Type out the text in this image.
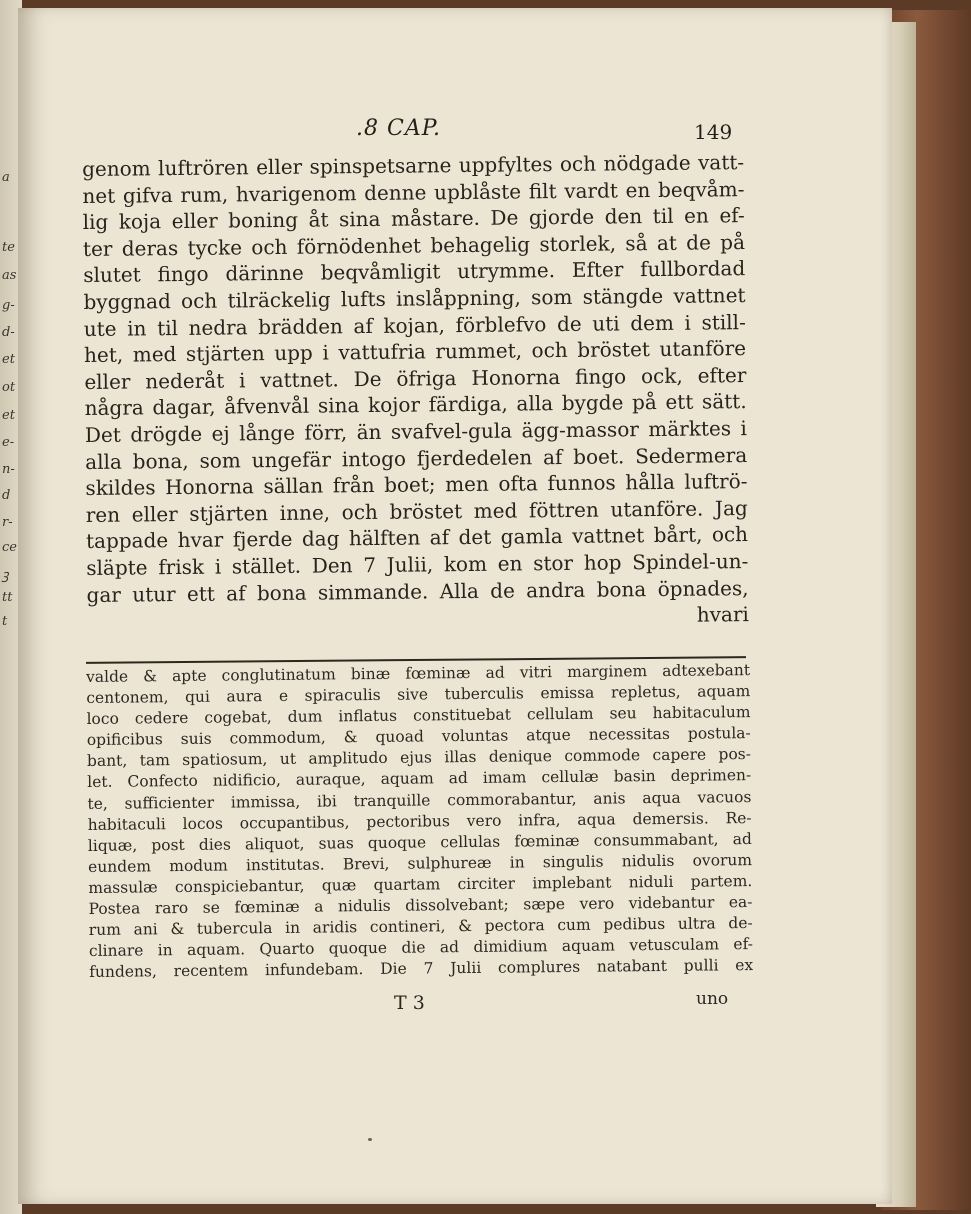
a
te
as
g-
d-
et
ot
et
e-
n-
d
r-
ce
ꝫ
tt
t
.8 CAP.	149
genom luftrören eller spinspetsarne uppfyltes och nödgade vatt-
net gifva rum, hvarigenom denne upblåste filt vardt en beqvåm-
lig koja eller boning åt sina måstare. De gjorde den til en ef-
ter deras tycke och förnödenhet behagelig storlek, så at de på
slutet fingo därinne beqvåmligit utrymme. Efter fullbordad
byggnad och tilräckelig lufts inslåppning, som stängde vattnet
ute in til nedra brädden af kojan, förblefvo de uti dem i still-
het, med stjärten upp i vattufria rummet, och bröstet utanföre
eller nederåt i vattnet. De öfriga Honorna fingo ock, efter
några dagar, åfvenvål sina kojor färdiga, alla bygde på ett sätt.
Det drögde ej långe förr, än svafvel-gula ägg-massor märktes i
alla bona, som ungefär intogo fjerdedelen af boet. Sedermera
skildes Honorna sällan från boet; men ofta funnos hålla luftrö-
ren eller stjärten inne, och bröstet med föttren utanföre. Jag
tappade hvar fjerde dag hälften af det gamla vattnet bårt, och
släpte frisk i stället. Den 7 Julii, kom en stor hop Spindel-un-
gar utur ett af bona simmande. Alla de andra bona öpnades,
hvari
valde & apte conglutinatum binæ fœminæ ad vitri marginem adtexebant
centonem, qui aura e spiraculis sive tuberculis emissa repletus, aquam
loco cedere cogebat, dum inflatus constituebat cellulam seu habitaculum
opificibus suis commodum, & quoad voluntas atque necessitas postula-
bant, tam spatiosum, ut amplitudo ejus illas denique commode capere pos-
let. Confecto nidificio, auraque, aquam ad imam cellulæ basin deprimen-
te, sufficienter immissa, ibi tranquille commorabantur, anis aqua vacuos
habitaculi locos occupantibus, pectoribus vero infra, aqua demersis. Re-
liquæ, post dies aliquot, suas quoque cellulas fœminæ consummabant, ad
eundem modum institutas. Brevi, sulphureæ in singulis nidulis ovorum
massulæ conspiciebantur, quæ quartam circiter implebant niduli partem.
Postea raro se fœminæ a nidulis dissolvebant; sæpe vero videbantur ea-
rum ani & tubercula in aridis contineri, & pectora cum pedibus ultra de-
clinare in aquam. Quarto quoque die ad dimidium aquam vetusculam ef-
fundens, recentem infundebam. Die 7 Julii complures natabant pulli ex
T 3	uno
